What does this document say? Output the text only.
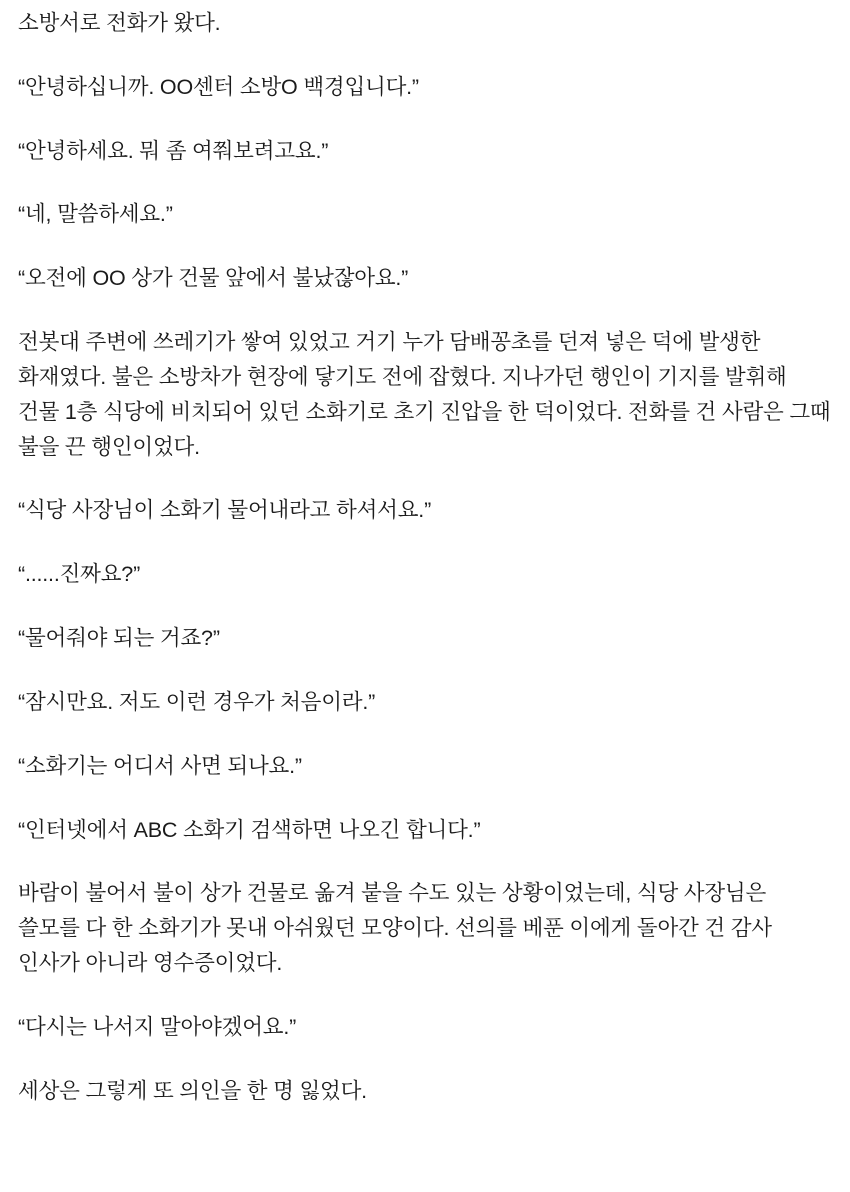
소방서로 전화가 왔다.

“안녕하십니까. OO센터 소방O 백경입니다.”

“안녕하세요. 뭐 좀 여쭤보려고요.”

“네, 말씀하세요.”

“오전에 OO 상가 건물 앞에서 불났잖아요.”

전봇대 주변에 쓰레기가 쌓여 있었고 거기 누가 담배꽁초를 던져 넣은 덕에 발생한 화재였다. 불은 소방차가 현장에 닿기도 전에 잡혔다. 지나가던 행인이 기지를 발휘해 건물 1층 식당에 비치되어 있던 소화기로 초기 진압을 한 덕이었다. 전화를 건 사람은 그때 불을 끈 행인이었다.

“식당 사장님이 소화기 물어내라고 하셔서요.”

“......진짜요?”

“물어줘야 되는 거죠?”

“잠시만요. 저도 이런 경우가 처음이라.”

“소화기는 어디서 사면 되나요.”

“인터넷에서 ABC 소화기 검색하면 나오긴 합니다.”

바람이 불어서 불이 상가 건물로 옮겨 붙을 수도 있는 상황이었는데, 식당 사장님은 쓸모를 다 한 소화기가 못내 아쉬웠던 모양이다. 선의를 베푼 이에게 돌아간 건 감사 인사가 아니라 영수증이었다.

“다시는 나서지 말아야겠어요.”

세상은 그렇게 또 의인을 한 명 잃었다.
